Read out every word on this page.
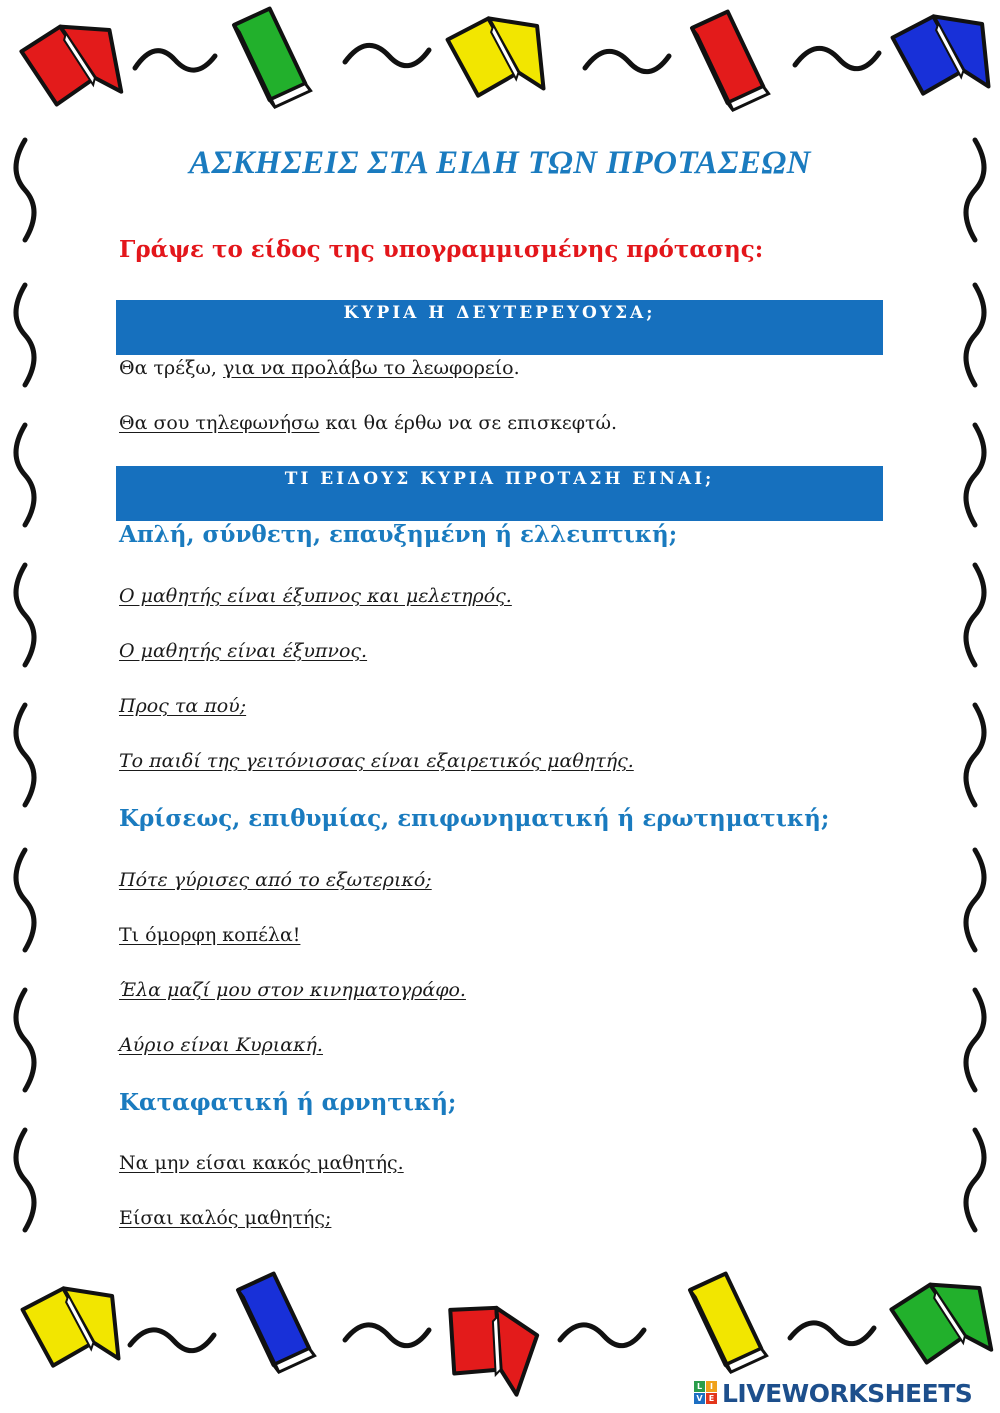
ΑΣΚΗΣΕΙΣ ΣΤΑ ΕΙΔΗ ΤΩΝ ΠΡΟΤΑΣΕΩΝ
Γράψε το είδος της υπογραμμισμένης πρότασης:
ΚΥΡΙΑ Η ΔΕΥΤΕΡΕΥΟΥΣΑ;
Θα τρέξω, για να προλάβω το λεωφορείο.
Θα σου τηλεφωνήσω και θα έρθω να σε επισκεφτώ.
ΤΙ ΕΙΔΟΥΣ ΚΥΡΙΑ ΠΡΟΤΑΣΗ ΕΙΝΑΙ;
Απλή, σύνθετη, επαυξημένη ή ελλειπτική;
Ο μαθητής είναι έξυπνος και μελετηρός.
Ο μαθητής είναι έξυπνος.
Προς τα πού;
Το παιδί της γειτόνισσας είναι εξαιρετικός μαθητής.
Κρίσεως, επιθυμίας, επιφωνηματική ή ερωτηματική;
Πότε γύρισες από το εξωτερικό;
Τι όμορφη κοπέλα!
Έλα μαζί μου στον κινηματογράφο.
Αύριο είναι Κυριακή.
Καταφατική ή αρνητική;
Να μην είσαι κακός μαθητής.
Είσαι καλός μαθητής;
L I
V E LIVEWORKSHEETS
